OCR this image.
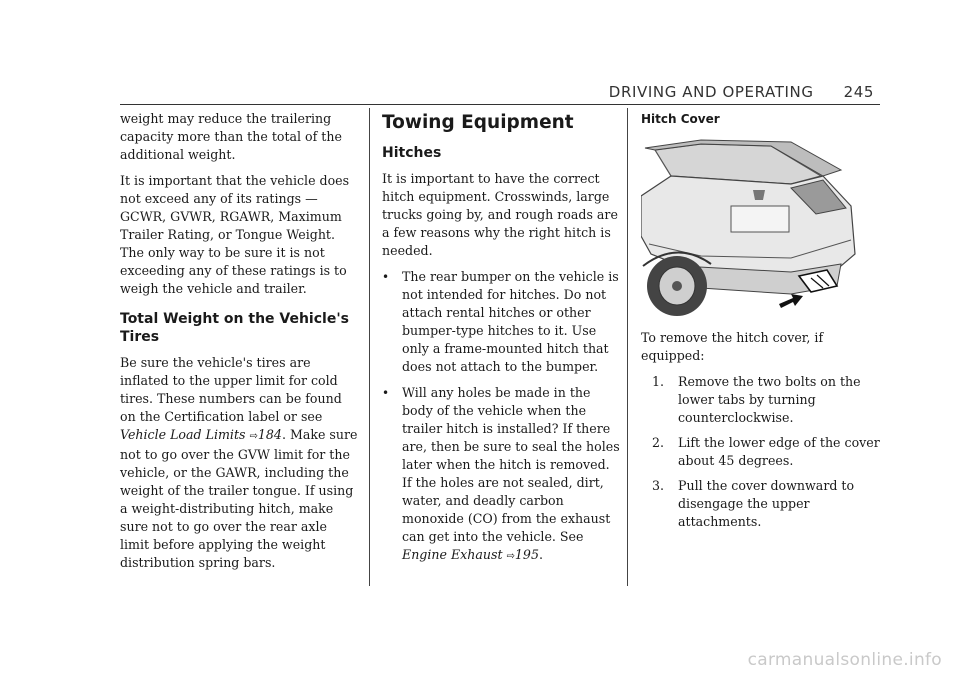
DRIVING AND OPERATING 245

weight may reduce the trailering capacity more than the total of the additional weight.

It is important that the vehicle does not exceed any of its ratings — GCWR, GVWR, RGAWR, Maximum Trailer Rating, or Tongue Weight. The only way to be sure it is not exceeding any of these ratings is to weigh the vehicle and trailer.

Total Weight on the Vehicle's Tires

Be sure the vehicle's tires are inflated to the upper limit for cold tires. These numbers can be found on the Certification label or see Vehicle Load Limits ⇨184. Make sure not to go over the GVW limit for the vehicle, or the GAWR, including the weight of the trailer tongue. If using a weight-distributing hitch, make sure not to go over the rear axle limit before applying the weight distribution spring bars.

Towing Equipment
Hitches

It is important to have the correct hitch equipment. Crosswinds, large trucks going by, and rough roads are a few reasons why the right hitch is needed.

• The rear bumper on the vehicle is not intended for hitches. Do not attach rental hitches or other bumper-type hitches to it. Use only a frame-mounted hitch that does not attach to the bumper.
• Will any holes be made in the body of the vehicle when the trailer hitch is installed? If there are, then be sure to seal the holes later when the hitch is removed. If the holes are not sealed, dirt, water, and deadly carbon monoxide (CO) from the exhaust can get into the vehicle. See Engine Exhaust ⇨195.
Hitch Cover

To remove the hitch cover, if equipped:

1. Remove the two bolts on the lower tabs by turning counterclockwise.
2. Lift the lower edge of the cover about 45 degrees.
3. Pull the cover downward to disengage the upper attachments.
carmanualsonline.info
